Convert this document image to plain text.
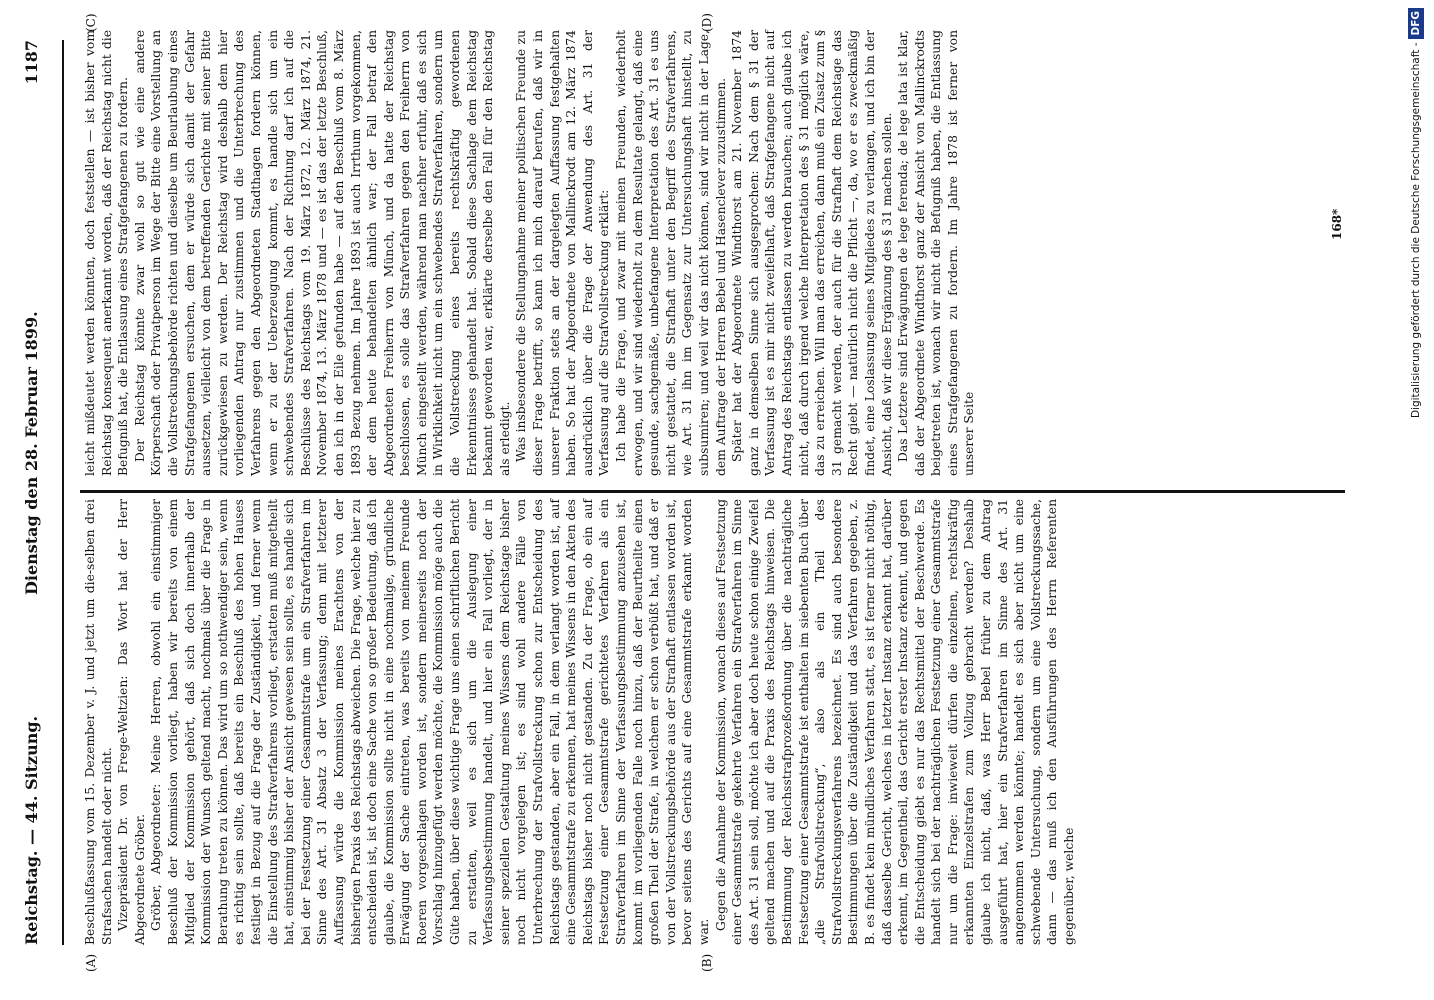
Reichstag. — 44. Sitzung.
Dienstag den 28. Februar 1899.
1187
(A)	(B)
(C)	(D)

Beschlußfassung vom 15. Dezember v. J. und jetzt um die-selben drei Strafsachen handelt oder nicht. Vizepräsident Dr. von Frege-Weltzien: Das Wort hat der Herr Abgeordnete Gröber. Gröber, Abgeordneter: Meine Herren, obwohl ein einstimmiger Beschluß der Kommission vorliegt, haben wir bereits von einem Mitglied der Kommission gehört, daß sich doch innerhalb der Kommission der Wunsch geltend macht, nochmals über die Frage in Berathung treten zu können. Das wird um so nothwendiger sein, wenn es richtig sein sollte, daß bereits ein Beschluß des hohen Hauses festliegt in Bezug auf die Frage der Zuständigkeit, und ferner wenn die Einstellung des Strafverfahrens vorliegt, erstatten muß mitgetheilt hat, einstimmig bisher der Ansicht gewesen sein sollte, es handle sich bei der Festsetzung einer Gesammtstrafe um ein Strafverfahren im Sinne des Art. 31 Absatz 3 der Verfassung; denn mit letzterer Auffassung würde die Kommission meines Erachtens von der bisherigen Praxis des Reichstags abweichen. Die Frage, welche hier zu entscheiden ist, ist doch eine Sache von so großer Bedeutung, daß ich glaube, die Kommission sollte nicht in eine nochmalige, gründliche Erwägung der Sache eintreten, was bereits von meinem Freunde Roeren vorgeschlagen worden ist, sondern meinerseits noch der Vorschlag hinzugefügt werden möchte, die Kommission möge auch die Güte haben, über diese wichtige Frage uns einen schriftlichen Bericht zu erstatten, weil es sich um die Auslegung einer Verfassungsbestimmung handelt, und hier ein Fall vorliegt, der in seiner speziellen Gestaltung meines Wissens dem Reichstage bisher noch nicht vorgelegen ist; es sind wohl andere Fälle von Unterbrechung der Strafvollstreckung schon zur Entscheidung des Reichstags gestanden, aber ein Fall, in dem verlangt worden ist, auf eine Gesammtstrafe zu erkennen, hat meines Wissens in den Akten des Reichstags bisher noch nicht gestanden. Zu der Frage, ob ein auf Festsetzung einer Gesammtstrafe gerichtetes Verfahren als ein Strafverfahren im Sinne der Verfassungsbestimmung anzusehen ist, kommt im vorliegenden Falle noch hinzu, daß der Beurtheilte einen großen Theil der Strafe, in welchem er schon verbüßt hat, und daß er von der Vollstreckungsbehörde aus der Strafhaft entlassen worden ist, bevor seitens des Gerichts auf eine Gesammtstrafe erkannt worden war.

Gegen die Annahme der Kommission, wonach dieses auf Festsetzung einer Gesammtstrafe gekehrte Verfahren ein Strafverfahren im Sinne des Art. 31 sein soll, möchte ich aber doch heute schon einige Zweifel geltend machen und auf die Praxis des Reichstags hinweisen. Die Bestimmung der Reichsstrafprozeßordnung über die nachträgliche Festsetzung einer Gesammtstrafe ist enthalten im siebenten Buch über „die Strafvollstreckung“, also als ein Theil des Strafvollstreckungsverfahrens bezeichnet. Es sind auch besondere Bestimmungen über die Zuständigkeit und das Verfahren gegeben, z. B. es findet kein mündliches Verfahren statt, es ist ferner nicht nöthig, daß dasselbe Gericht, welches in letzter Instanz erkannt hat, darüber erkennt, im Gegentheil, das Gericht erster Instanz erkennt, und gegen die Entscheidung giebt es nur das Rechtsmittel der Beschwerde. Es handelt sich bei der nachträglichen Festsetzung einer Gesammtstrafe nur um die Frage: inwieweit dürfen die einzelnen, rechtskräftig erkannten Einzelstrafen zum Vollzug gebracht werden? Deshalb glaube ich nicht, daß, was Herr Bebel früher zu dem Antrag ausgeführt hat, hier ein Strafverfahren im Sinne des Art. 31 angenommen werden könnte; handelt es sich aber nicht um eine schwebende Untersuchung, sondern um eine Vollstreckungssache, dann — das muß ich den Ausführungen des Herrn Referenten gegenüber, welche

leicht mißdeutet werden könnten, doch feststellen — ist bisher vom Reichstag konsequent anerkannt worden, daß der Reichstag nicht die Befugniß hat, die Entlassung eines Strafgefangenen zu fordern. Der Reichstag könnte zwar wohl so gut wie eine andere Körperschaft oder Privatperson im Wege der Bitte eine Vorstellung an die Vollstreckungsbehörde richten und dieselbe um Beurlaubung eines Strafgefangenen ersuchen, dem er würde sich damit der Gefahr aussetzen, vielleicht von dem betreffenden Gerichte mit seiner Bitte zurückgewiesen zu werden. Der Reichstag wird deshalb dem hier vorliegenden Antrag nur zustimmen und die Unterbrechung des Verfahrens gegen den Abgeordneten Stadthagen fordern können, wenn er zu der Ueberzeugung kommt, es handle sich um ein schwebendes Strafverfahren. Nach der Richtung darf ich auf die Beschlüsse des Reichstags vom 19. März 1872, 12. März 1874, 21. November 1874, 13. März 1878 und — es ist das der letzte Beschluß, den ich in der Eile gefunden habe — auf den Beschluß vom 8. März 1893 Bezug nehmen. Im Jahre 1893 ist auch Irrthum vorgekommen, der dem heute behandelten ähnlich war; der Fall betraf den Abgeordneten Freiherrn von Münch, und da hatte der Reichstag beschlossen, es solle das Strafverfahren gegen den Freiherrn von Münch eingestellt werden, während man nachher erfuhr, daß es sich in Wirklichkeit nicht um ein schwebendes Strafverfahren, sondern um die Vollstreckung eines bereits rechtskräftig gewordenen Erkenntnisses gehandelt hat. Sobald diese Sachlage dem Reichstag bekannt geworden war, erklärte derselbe den Fall für den Reichstag als erledigt. Was insbesondere die Stellungnahme meiner politischen Freunde zu dieser Frage betrifft, so kann ich mich darauf berufen, daß wir in unserer Fraktion stets an der dargelegten Auffassung festgehalten haben. So hat der Abgeordnete von Mallinckrodt am 12. März 1874 ausdrücklich über die Frage der Anwendung des Art. 31 der Verfassung auf die Strafvollstreckung erklärt: Ich habe die Frage, und zwar mit meinen Freunden, wiederholt erwogen, und wir sind wiederholt zu dem Resultate gelangt, daß eine gesunde, sachgemäße, unbefangene Interpretation des Art. 31 es uns nicht gestattet, die Strafhaft unter den Begriff des Strafverfahrens, wie Art. 31 ihn im Gegensatz zur Untersuchungshaft hinstellt, zu subsumiren; und weil wir das nicht können, sind wir nicht in der Lage, dem Auftrage der Herren Bebel und Hasenclever zuzustimmen. Später hat der Abgeordnete Windthorst am 21. November 1874 ganz in demselben Sinne sich ausgesprochen: Nach dem § 31 der Verfassung ist es mir nicht zweifelhaft, daß Strafgefangene nicht auf Antrag des Reichstags entlassen zu werden brauchen; auch glaube ich nicht, daß durch irgend welche Interpretation des § 31 möglich wäre, das zu erreichen. Will man das erreichen, dann muß ein Zusatz zum § 31 gemacht werden, der auch für die Strafhaft dem Reichstage das Recht giebt — natürlich nicht die Pflicht —, da, wo er es zweckmäßig findet, eine Loslassung seines Mitgliedes zu verlangen, und ich bin der Ansicht, daß wir diese Ergänzung des § 31 machen sollen. Das Letztere sind Erwägungen de lege ferenda; de lege lata ist klar, daß der Abgeordnete Windthorst ganz der Ansicht von Mallinckrodts beigetreten ist, wonach wir nicht die Befugniß haben, die Entlassung eines Strafgefangenen zu fordern. Im Jahre 1878 ist ferner von unserer Seite

168*	Digitalisierung gefördert durch die Deutsche Forschungsgemeinschaft -DFG
